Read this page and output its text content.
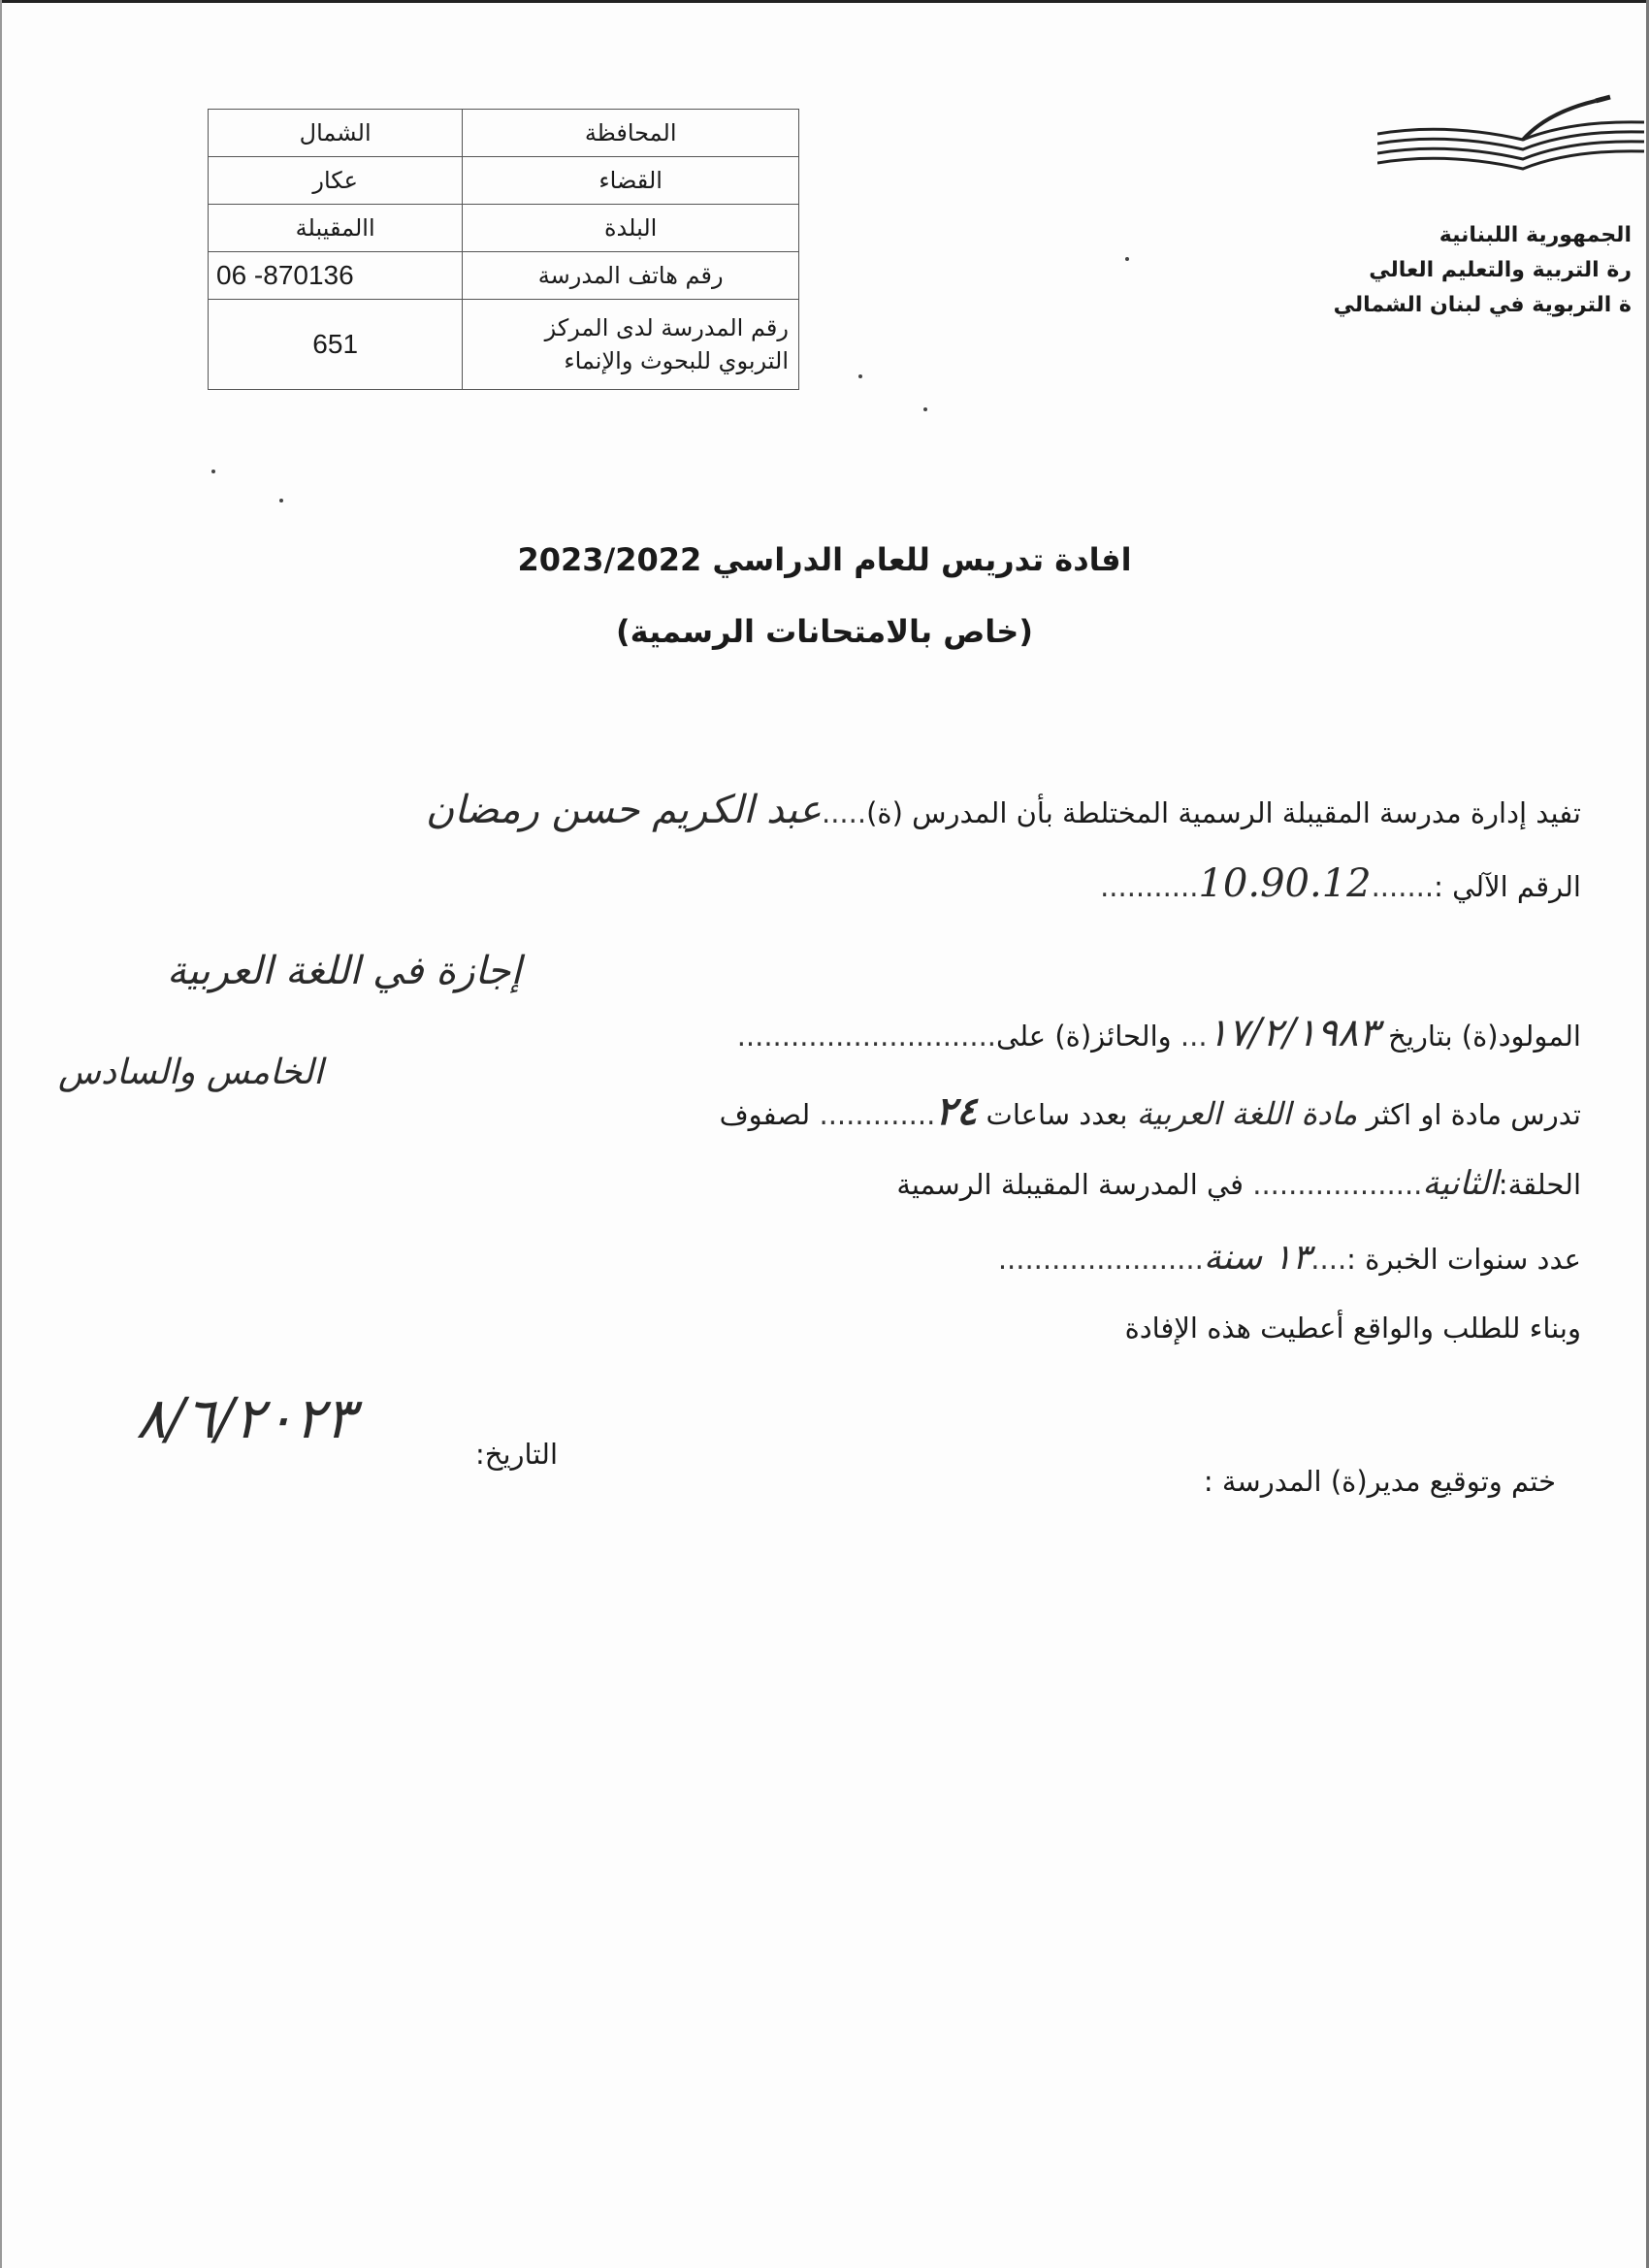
المحافظة	الشمال
القضاء	عكار
البلدة	االمقيبلة
رقم هاتف المدرسة	06 -870136

رقم المدرسة لدى المركز
التربوي للبحوث والإنماء	651
الجمهورية اللبنانية
رة التربية والتعليم العالي
ة التربوية في لبنان الشمالي
افادة تدريس للعام الدراسي 2023/2022
(خاص بالامتحانات الرسمية)
تفيد إدارة مدرسة المقيبلة الرسمية المختلطة بأن المدرس (ة).....عبد الكريم حسن رمضان
الرقم الآلي :.......10.90.12...........
إجازة في اللغة العربية
المولود(ة) بتاريخ ١٧/٢/١٩٨٣... والحائز(ة) على.............................
الخامس والسادس
تدرس مادة او اكثر مادة اللغة العربية بعدد ساعات ٢٤............. لصفوف
الحلقة:الثانية................... في المدرسة المقيبلة الرسمية
عدد سنوات الخبرة :....١٣ سنة.......................
وبناء للطلب والواقع أعطيت هذه الإفادة
ختم وتوقيع مدير(ة) المدرسة :
التاريخ:
٨/٦/٢٠٢٣
